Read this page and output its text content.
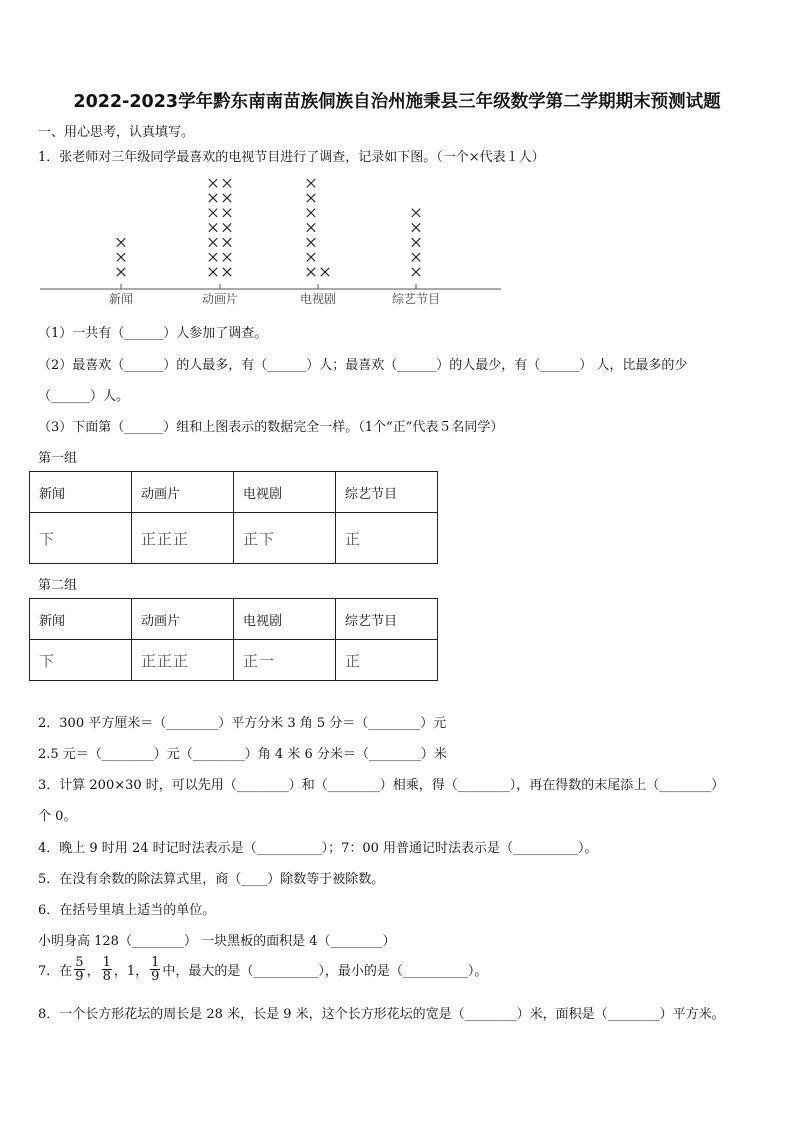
2022-2023学年黔东南南苗族侗族自治州施秉县三年级数学第二学期期末预测试题
一、用心思考，认真填写。
1．张老师对三年级同学最喜欢的电视节目进行了调查，记录如下图。（一个×代表１人）
新闻	动画片	电视剧	综艺节目
（1）一共有（______）人参加了调查。
（2）最喜欢（______）的人最多，有（______）人；最喜欢（______）的人最少，有（______） 人，比最多的少
（______）人。
（3）下面第（______）组和上图表示的数据完全一样。（1个“正”代表５名同学）
第一组
新闻	动画片	电视剧	综艺节目
下	正正正	正下	正
第二组
新闻	动画片	电视剧	综艺节目
下	正正正	正一	正
2．300 平方厘米＝（________）平方分米 3 角 5 分＝（________）元
2.5 元＝（________）元（________）角 4 米 6 分米＝（________）米
3．计算 200×30 时，可以先用（________）和（________）相乘，得（________），再在得数的末尾添上（________）
个 0。
4．晚上 9 时用 24 时记时法表示是（__________）；7：00 用普通记时法表示是（__________）。
5．在没有余数的除法算式里，商（____）除数等于被除数。
6．在括号里填上适当的单位。
小明身高 128（________） 一块黑板的面积是 4（________）
7．在 $\frac{5}{9}$ ， $\frac{1}{8}$ ，1， $\frac{1}{9}$ 中，最大的是（__________），最小的是（__________）。
8．一个长方形花坛的周长是 28 米，长是 9 米，这个长方形花坛的宽是（________）米，面积是（________）平方米。
